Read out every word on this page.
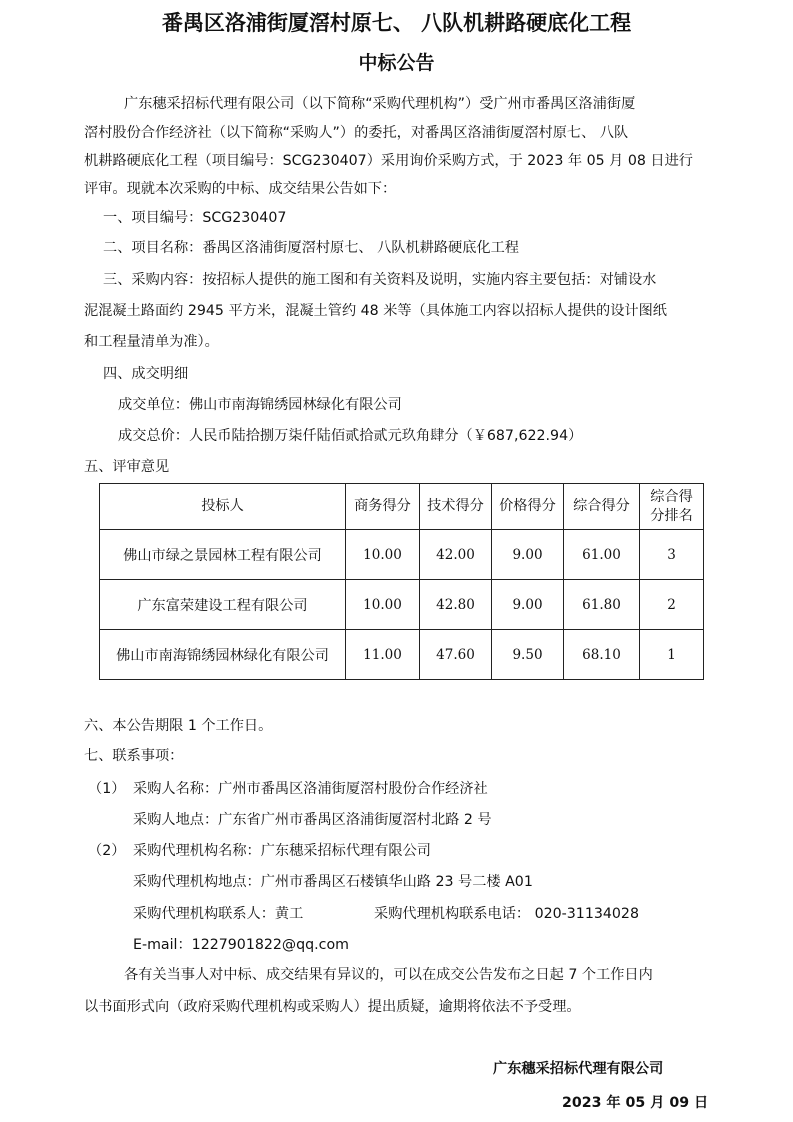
番禺区洛浦街厦滘村原七、 八队机耕路硬底化工程
中标公告
广东穗采招标代理有限公司（以下简称“采购代理机构”）受广州市番禺区洛浦街厦
滘村股份合作经济社（以下简称“采购人”）的委托，对番禺区洛浦街厦滘村原七、 八队
机耕路硬底化工程（项目编号：SCG230407）采用询价采购方式，于 2023 年 05 月 08 日进行
评审。现就本次采购的中标、成交结果公告如下：
一、项目编号：SCG230407
二、项目名称：番禺区洛浦街厦滘村原七、 八队机耕路硬底化工程
三、采购内容：按招标人提供的施工图和有关资料及说明，实施内容主要包括：对铺设水
泥混凝土路面约 2945 平方米，混凝土管约 48 米等（具体施工内容以招标人提供的设计图纸
和工程量清单为准）。
四、成交明细
成交单位：佛山市南海锦绣园林绿化有限公司
成交总价：人民币陆拾捌万柒仟陆佰贰拾贰元玖角肆分（￥687,622.94）
五、评审意见
投标人	商务得分	技术得分	价格得分	综合得分	综合得
分排名
佛山市绿之景园林工程有限公司	10.00	42.00	9.00	61.00	3
广东富荣建设工程有限公司	10.00	42.80	9.00	61.80	2
佛山市南海锦绣园林绿化有限公司	11.00	47.60	9.50	68.10	1
六、本公告期限 1 个工作日。
七、联系事项：
（1） 采购人名称：广州市番禺区洛浦街厦滘村股份合作经济社
采购人地点：广东省广州市番禺区洛浦街厦滘村北路 2 号
（2） 采购代理机构名称：广东穗采招标代理有限公司
采购代理机构地点：广州市番禺区石楼镇华山路 23 号二楼 A01
采购代理机构联系人：黄工	采购代理机构联系电话： 020-31134028
E-mail：1227901822@qq.com
各有关当事人对中标、成交结果有异议的，可以在成交公告发布之日起 7 个工作日内
以书面形式向（政府采购代理机构或采购人）提出质疑，逾期将依法不予受理。
广东穗采招标代理有限公司
2023 年 05 月 09 日
